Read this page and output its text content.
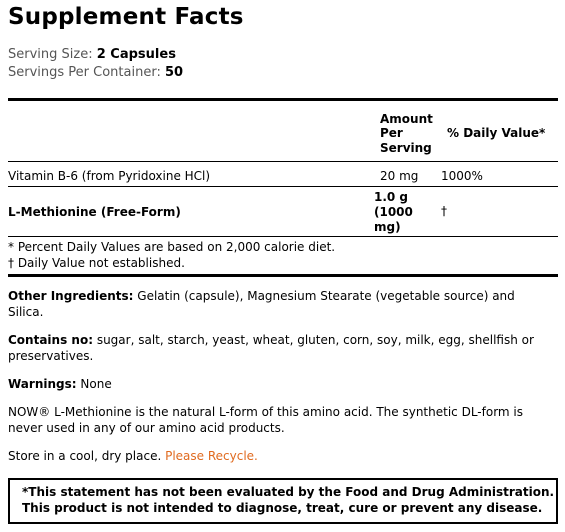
Supplement Facts
Serving Size: 2 Capsules
Servings Per Container: 50
Amount
Per
Serving
% Daily Value*
Vitamin B-6 (from Pyridoxine HCl)	20 mg 1000%
L-Methionine (Free-Form)
1.0 g
(1000
mg)
†
* Percent Daily Values are based on 2,000 calorie diet.
† Daily Value not established.
Other Ingredients: Gelatin (capsule), Magnesium Stearate (vegetable source) and
Silica.
Contains no: sugar, salt, starch, yeast, wheat, gluten, corn, soy, milk, egg, shellfish or
preservatives.
Warnings: None
NOW® L-Methionine is the natural L-form of this amino acid. The synthetic DL-form is
never used in any of our amino acid products.
Store in a cool, dry place. Please Recycle.
*This statement has not been evaluated by the Food and Drug Administration.
This product is not intended to diagnose, treat, cure or prevent any disease.
